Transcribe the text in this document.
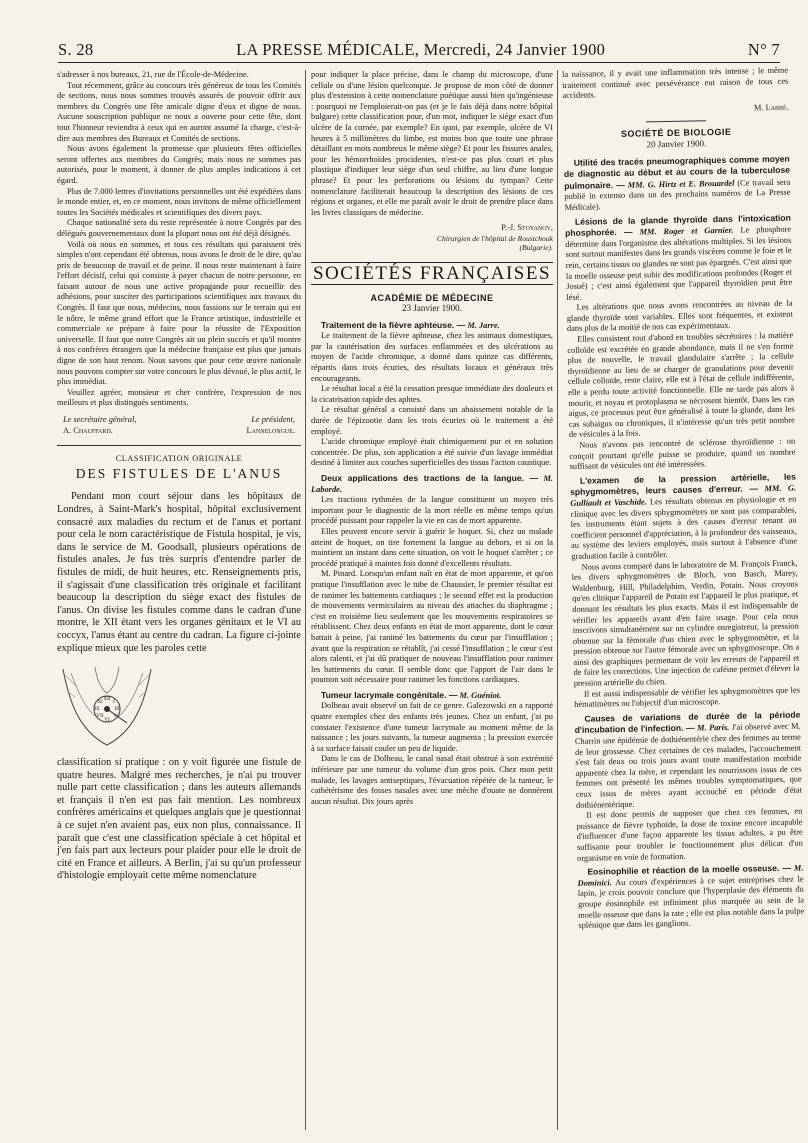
S. 28	LA PRESSE MÉDICALE, Mercredi, 24 Janvier 1900	N° 7

s'adresser à nos bureaux, 21, rue de l'École-de-Médecine.

Tout récemment, grâce au concours très généreux de tous les Comités de sections, nous nous sommes trouvés assurés de pouvoir offrir aux membres du Congrès une fête amicale digne d'eux et digne de nous. Aucune souscription publique ne nous a ouverte pour cette fête, dont tout l'honneur reviendra à ceux qui en auront assumé la charge, c'est-à-dire aux membres des Bureaux et Comités de sections.

Nous avons également la promesse que plusieurs fêtes officielles seront offertes aux membres du Congrès; mais nous ne sommes pas autorisés, pour le moment, à donner de plus amples indications à cet égard.

Plus de 7.000 lettres d'invitations personnelles ont été expédiées dans le monde entier, et, en ce moment, nous invitons de même officiellement toutes les Sociétés médicales et scientifiques des divers pays.

Chaque nationalité sera du reste représentée à notre Congrès par des délégués gouvernementaux dont la plupart nous ont été déjà désignés.

Voilà où nous en sommes, et tous ces résultats qui paraissent très simples n'ont cependant été obtenus, nous avons le droit de le dire, qu'au prix de beaucoup de travail et de peine. Il nous reste maintenant à faire l'effort décisif, celui qui consiste à payer chacun de notre personne, en faisant autour de nous une active propagande pour recueillir des adhésions, pour susciter des participations scientifiques aux travaux du Congrès. Il faut que nous, médecins, nous fassions sur le terrain qui est le nôtre, le même grand effort que la France artistique, industrielle et commerciale se prépare à faire pour la réussite de l'Exposition universelle. Il faut que notre Congrès ait un plein succès et qu'il montre à nos confrères étrangers que la médecine française est plus que jamais digne de son haut renom. Nous savons que pour cette œuvre nationale nous pouvons compter sur votre concours le plus dévoué, le plus actif, le plus immédiat.

Veuillez agréer, monsieur et cher confrère, l'expression de nos meilleurs et plus distingués sentiments.

Le secrétaire général,	Le président,
A. Chauffard.	Lannelongue.
CLASSIFICATION ORIGINALE
DES FISTULES DE L'ANUS

Pendant mon court séjour dans les hôpitaux de Londres, à Saint-Mark's hospital, hôpital exclusivement consacré aux maladies du rectum et de l'anus et portant pour cela le nom caractéristique de Fistula hospital, je vis, dans le service de M. Goodsall, plusieurs opérations de fistules anales. Je fus très surpris d'entendre parler de fistules de midi, de huit heures, etc. Renseignements pris, il s'agissait d'une classification très originale et facilitant beaucoup la description du siège exact des fistules de l'anus. On divise les fistules comme dans le cadran d'une montre, le XII étant vers les organes génitaux et le VI au coccyx, l'anus étant au centre du cadran. La figure ci-jointe explique mieux que les paroles cette

XII
III
VI
IX
I
V
VII
XI
classification si pratique : on y voit figurée une fistule de quatre heures. Malgré mes recherches, je n'ai pu trouver nulle part cette classification ; dans les auteurs allemands et français il n'en est pas fait mention. Les nombreux confrères américains et quelques anglais que je questionnai à ce sujet n'en avaient pas, eux non plus, connaissance. Il paraît que c'est une classification spéciale à cet hôpital et j'en fais part aux lecteurs pour plaider pour elle le droit de cité en France et ailleurs. A Berlin, j'ai su qu'un professeur d'histologie employait cette même nomenclature

pour indiquer la place précise, dans le champ du microscope, d'une cellule ou d'une lésion quelconque. Je propose de mon côté de donner plus d'extension à cette nomenclature poétique aussi bien qu'ingénieuse : pourquoi ne l'emploierait-on pas (et je le fais déjà dans notre hôpital bulgare) cette classification pour, d'un mot, indiquer le siège exact d'un ulcère de la cornée, par exemple? En quoi, par exemple, ulcère de VI heures à 5 millimètres du limbe, est moins bon que toute une phrase détaillant en mots nombreux le même siège? Et pour les fissures anales, pour les hémorrhoïdes procidentes, n'est-ce pas plus court et plus plastique d'indiquer leur siège d'un seul chiffre, au lieu d'une longue phrase? Et pour les perforations ou lésions du tympan? Cette nomenclature faciliterait beaucoup la description des lésions de ces régions et organes, et elle me paraît avoir le droit de prendre place dans les livres classiques de médecine.

P.-J. Stoyanov,
Chirurgien de l'hôpital de Roustchouk
(Bulgarie).
SOCIÉTÉS FRANÇAISES
ACADÉMIE DE MÉDECINE
23 Janvier 1900.

Traitement de la fièvre aphteuse. — M. Jarre.

Le traitement de la fièvre aphteuse, chez les animaux domestiques, par la cautérisation des surfaces enflammées et des ulcérations au moyen de l'acide chromique, a donné dans quinze cas différents, répartis dans trois écuries, des résultats locaux et généraux très encourageants.

Le résultat local a été la cessation presque immédiate des douleurs et la cicatrisation rapide des aphtes.

Le résultat général a consisté dans un abaissement notable de la durée de l'épizootie dans les trois écuries où le traitement a été employé.

L'acide chromique employé était chimiquement pur et en solution concentrée. De plus, son application a été suivie d'un lavage immédiat destiné à limiter aux couches superficielles des tissus l'action caustique.

Deux applications des tractions de la langue. — M. Laborde.

Les tractions rythmées de la langue constituent un moyen très important pour le diagnostic de la mort réelle en même temps qu'un procédé puissant pour rappeler la vie en cas de mort apparente.

Elles peuvent encore servir à guérir le hoquet. Si, chez un malade atteint de hoquet, on tire fortement la langue au dehors, et si on la maintient un instant dans cette situation, on voit le hoquet s'arrêter ; ce procédé pratiqué à maintes fois donné d'excellents résultats.

M. Pinard. Lorsqu'un enfant naît en état de mort apparente, et qu'on pratique l'insufflation avec le tube de Chaussier, le premier résultat est de ranimer les battements cardiaques ; le second effet est la production de mouvements vermiculaires au niveau des attaches du diaphragme ; c'est en troisième lieu seulement que les mouvements respiratoires se rétablissent. Chez deux enfants en état de mort apparente, dont le cœur battait à peine, j'ai ranimé les battements du cœur par l'insufflation ; avant que la respiration se rétablît, j'ai cessé l'insufflation ; le cœur s'est alors ralenti, et j'ai dû pratiquer de nouveau l'insufflation pour ranimer les battements du cœur. Il semble donc que l'apport de l'air dans le poumon soit nécessaire pour ranimer les fonctions cardiaques.

Tumeur lacrymale congénitale. — M. Guéniot.

Dolbeau avait observé un fait de ce genre. Galezowski en a rapporté quatre exemples chez des enfants très jeunes. Chez un enfant, j'ai pu constater l'existence d'une tumeur lacrymale au moment même de la naissance ; les jours suivants, la tumeur augmenta ; la pression exercée à sa surface faisait couler un peu de liquide.

Dans le cas de Dolbeau, le canal nasal était obstrué à son extrémité inférieure par une tumeur du volume d'un gros pois. Chez mon petit malade, les lavages antiseptiques, l'évacuation répétée de la tumeur, le cathétérisme des fosses nasales avec une mèche d'ouate ne donnèrent aucun résultat. Dix jours après

la naissance, il y avait une inflammation très intense ; le même traitement continué avec persévérance eut raison de tous ces accidents.

M. Labbé.
SOCIÉTÉ DE BIOLOGIE
20 Janvier 1900.

Utilité des tracés pneumographiques comme moyen de diagnostic au début et au cours de la tuberculose pulmonaire. — MM. G. Hirtz et E. Brouardel (Ce travail sera publié in extenso dans un des prochains numéros de La Presse Médicale).

Lésions de la glande thyroïde dans l'intoxication phosphorée. — MM. Roger et Garnier. Le phosphore détermine dans l'organisme des altérations multiples. Si les lésions sont surtout manifestes dans les grands viscères comme le foie et le rein, certains tissus ou glandes ne sont pas épargnés. C'est ainsi que la moelle osseuse peut subir des modifications profondes (Roger et Josué) ; c'est ainsi également que l'appareil thyroïdien peut être lésé.

Les altérations que nous avons rencontrées au niveau de la glande thyroïde sont variables. Elles sont fréquentes, et existent dans plus de la moitié de nos cas expérimentaux.

Elles consistent tout d'abord en troubles sécrétoires : la matière colloïde est excrétée en grande abondance, mais il ne s'en forme plus de nouvelle, le travail glandulaire s'arrête ; la cellule thyroïdienne au lieu de se charger de granulations pour devenir cellule colloïde, reste claire, elle est à l'état de cellule indifférente, elle a perdu toute activité fonctionnelle. Elle ne tarde pas alors à mourir, et noyau et protoplasma se nécrosent bientôt. Dans les cas aigus, ce processus peut être généralisé à toute la glande, dans les cas subaigus ou chroniques, il n'intéresse qu'un très petit nombre de vésicules à la fois.

Nous n'avons pas rencontré de sclérose thyroïdienne : on conçoit pourtant qu'elle puisse se produire, quand un nombre suffisant de vésicules ont été intéressées.

L'examen de la pression artérielle, les sphygmomètres, leurs causes d'erreur. — MM. G. Gulliault et Vaschide. Les résultats obtenus en physiologie et en clinique avec les divers sphygmomètres ne sont pas comparables, les instruments étant sujets à des causes d'erreur tenant au coefficient personnel d'appréciation, à la profondeur des vaisseaux, au système des leviers employés, mais surtout à l'absence d'une graduation facile à contrôler.

Nous avons comparé dans le laboratoire de M. François Franck, les divers sphygmomètres de Bloch, von Basch, Marey, Waldenburg, Hill, Philadelphim, Verdin, Potain. Nous croyons qu'en clinique l'appareil de Potain est l'appareil le plus pratique, et donnant les résultats les plus exacts. Mais il est indispensable de vérifier les appareils avant d'en faire usage. Pour cela nous inscrivons simultanément sur un cylindre enregistreur, la pression obtenue sur la fémorale d'un chien avec le sphygmomètre, et la pression obtenue sur l'autre fémorale avec un sphygmoscope. On a ainsi des graphiques permettant de voir les erreurs de l'appareil et de faire les corrections. Une injection de caféine permet d'élever la pression artérielle du chien.

Il est aussi indispensable de vérifier les sphygmomètres que les hématimètres ou l'objectif d'un microscope.

Causes de variations de durée de la période d'incubation de l'infection. — M. Paris. J'ai observé avec M. Charrin une épidémie de dothiénentérie chez des femmes au terme de leur grossesse. Chez certaines de ces malades, l'accouchement s'est fait deux ou trois jours avant toute manifestation morbide apparente chez la mère, et cependant les nourrissons issus de ces femmes ont présenté les mêmes troubles symptomatiques, que ceux issus de mères ayant accouché en période d'état dothiénentérique.

Il est donc permis de supposer que chez ces femmes, en puissance de fièvre typhoïde, la dose de toxine encore incapable d'influencer d'une façon apparente les tissus adultes, a pu être suffisante pour troubler le fonctionnement plus délicat d'un organisme en voie de formation.

Eosinophilie et réaction de la moelle osseuse. — M. Dominici. Au cours d'expériences à ce sujet entreprises chez le lapin, je crois pouvoir conclure que l'hyperplasie des éléments du groupe éosinophile est infiniment plus marquée au sein de la moelle osseuse que dans la rate ; elle est plus notable dans la pulpe splénique que dans les ganglions.
